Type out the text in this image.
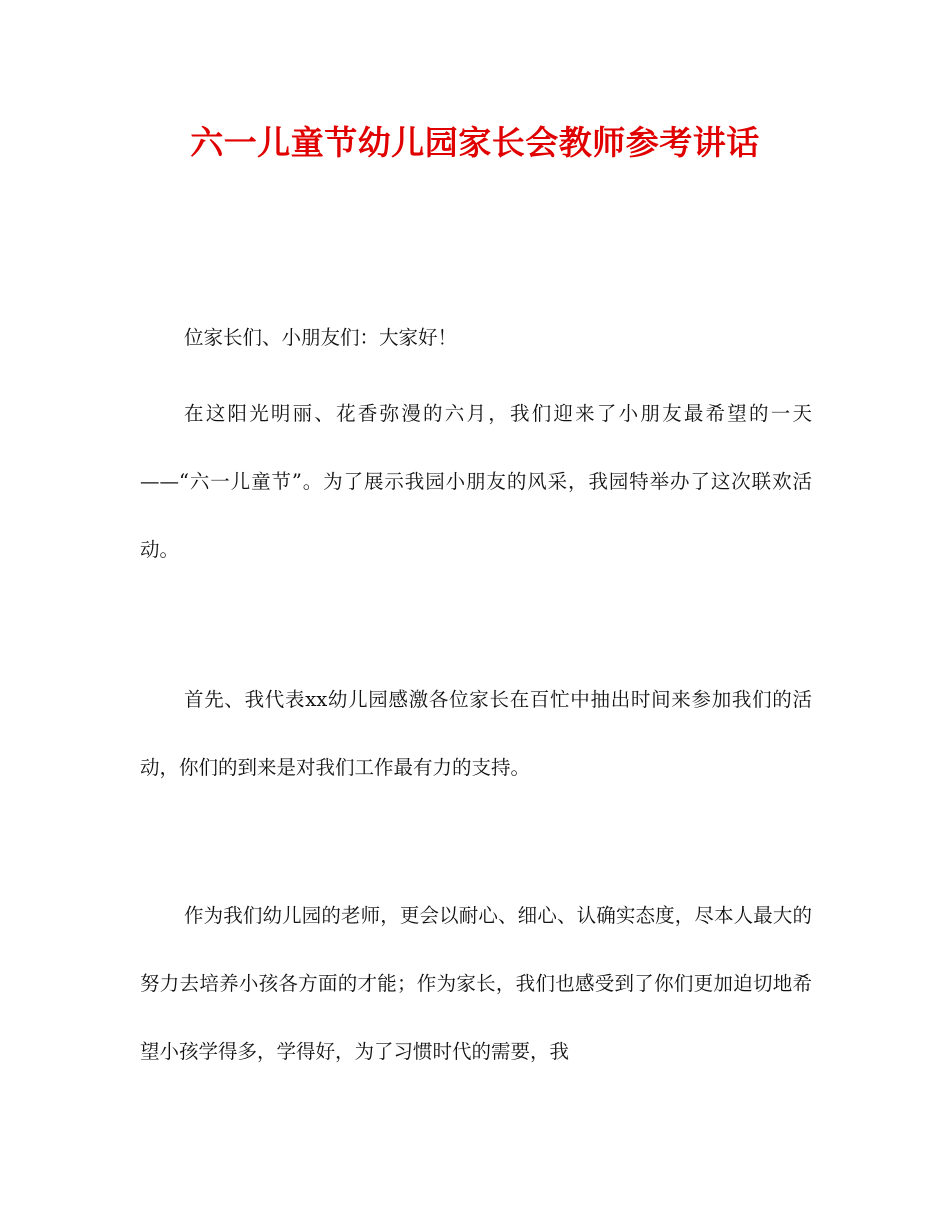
六一儿童节幼儿园家长会教师参考讲话

位家长们、小朋友们：大家好！

在这阳光明丽、花香弥漫的六月，我们迎来了小朋友最希望的一天——“六一儿童节”。为了展示我园小朋友的风采，我园特举办了这次联欢活动。

首先、我代表xx幼儿园感激各位家长在百忙中抽出时间来参加我们的活动，你们的到来是对我们工作最有力的支持。

作为我们幼儿园的老师，更会以耐心、细心、认确实态度，尽本人最大的努力去培养小孩各方面的才能；作为家长，我们也感受到了你们更加迫切地希望小孩学得多，学得好，为了习惯时代的需要，我
